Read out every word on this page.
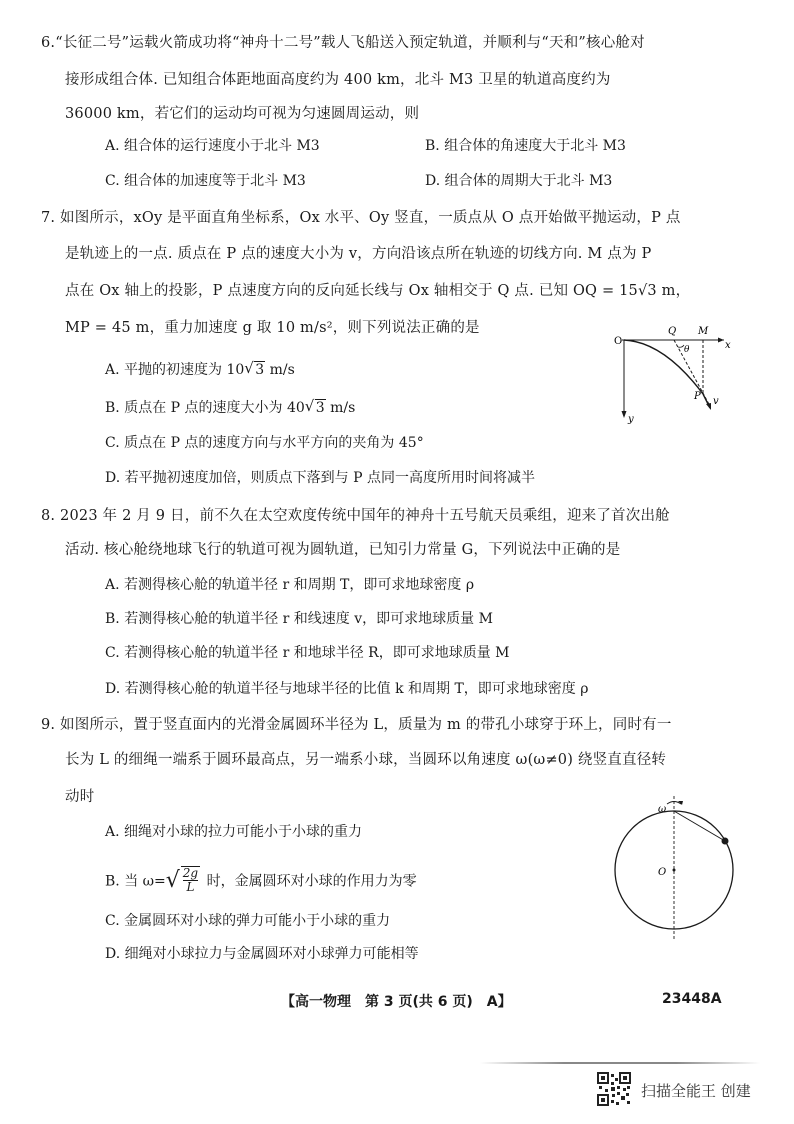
6.“长征二号”运载火箭成功将“神舟十二号”载人飞船送入预定轨道，并顺利与“天和”核心舱对
接形成组合体. 已知组合体距地面高度约为 400 km，北斗 M3 卫星的轨道高度约为
36000 km，若它们的运动均可视为匀速圆周运动，则
A. 组合体的运行速度小于北斗 M3	B. 组合体的角速度大于北斗 M3
C. 组合体的加速度等于北斗 M3	D. 组合体的周期大于北斗 M3
7. 如图所示，xOy 是平面直角坐标系，Ox 水平、Oy 竖直，一质点从 O 点开始做平抛运动，P 点
是轨迹上的一点. 质点在 P 点的速度大小为 v，方向沿该点所在轨迹的切线方向. M 点为 P
点在 Ox 轴上的投影，P 点速度方向的反向延长线与 Ox 轴相交于 Q 点. 已知 OQ = 15√3 m，
MP = 45 m，重力加速度 g 取 10 m/s²，则下列说法正确的是
A. 平抛的初速度为 10 √ 3 m/s
B. 质点在 P 点的速度大小为 40 √ 3 m/s
C. 质点在 P 点的速度方向与水平方向的夹角为 45°
D. 若平抛初速度加倍，则质点下落到与 P 点同一高度所用时间将减半
O
Q M
x
y
P v
θ
8. 2023 年 2 月 9 日，前不久在太空欢度传统中国年的神舟十五号航天员乘组，迎来了首次出舱
活动. 核心舱绕地球飞行的轨道可视为圆轨道，已知引力常量 G，下列说法中正确的是
A. 若测得核心舱的轨道半径 r 和周期 T，即可求地球密度 ρ
B. 若测得核心舱的轨道半径 r 和线速度 v，即可求地球质量 M
C. 若测得核心舱的轨道半径 r 和地球半径 R，即可求地球质量 M
D. 若测得核心舱的轨道半径与地球半径的比值 k 和周期 T，即可求地球密度 ρ
9. 如图所示，置于竖直面内的光滑金属圆环半径为 L，质量为 m 的带孔小球穿于环上，同时有一
长为 L 的细绳一端系于圆环最高点，另一端系小球，当圆环以角速度 ω(ω≠0) 绕竖直直径转
动时
A. 细绳对小球的拉力可能小于小球的重力
B. 当 ω= √ $\frac{2g}{L}$ 时，金属圆环对小球的作用力为零
C. 金属圆环对小球的弹力可能小于小球的重力
D. 细绳对小球拉力与金属圆环对小球弹力可能相等
ω
O
【高一物理　第 3 页(共 6 页)　A】	23448A
扫描全能王 创建
